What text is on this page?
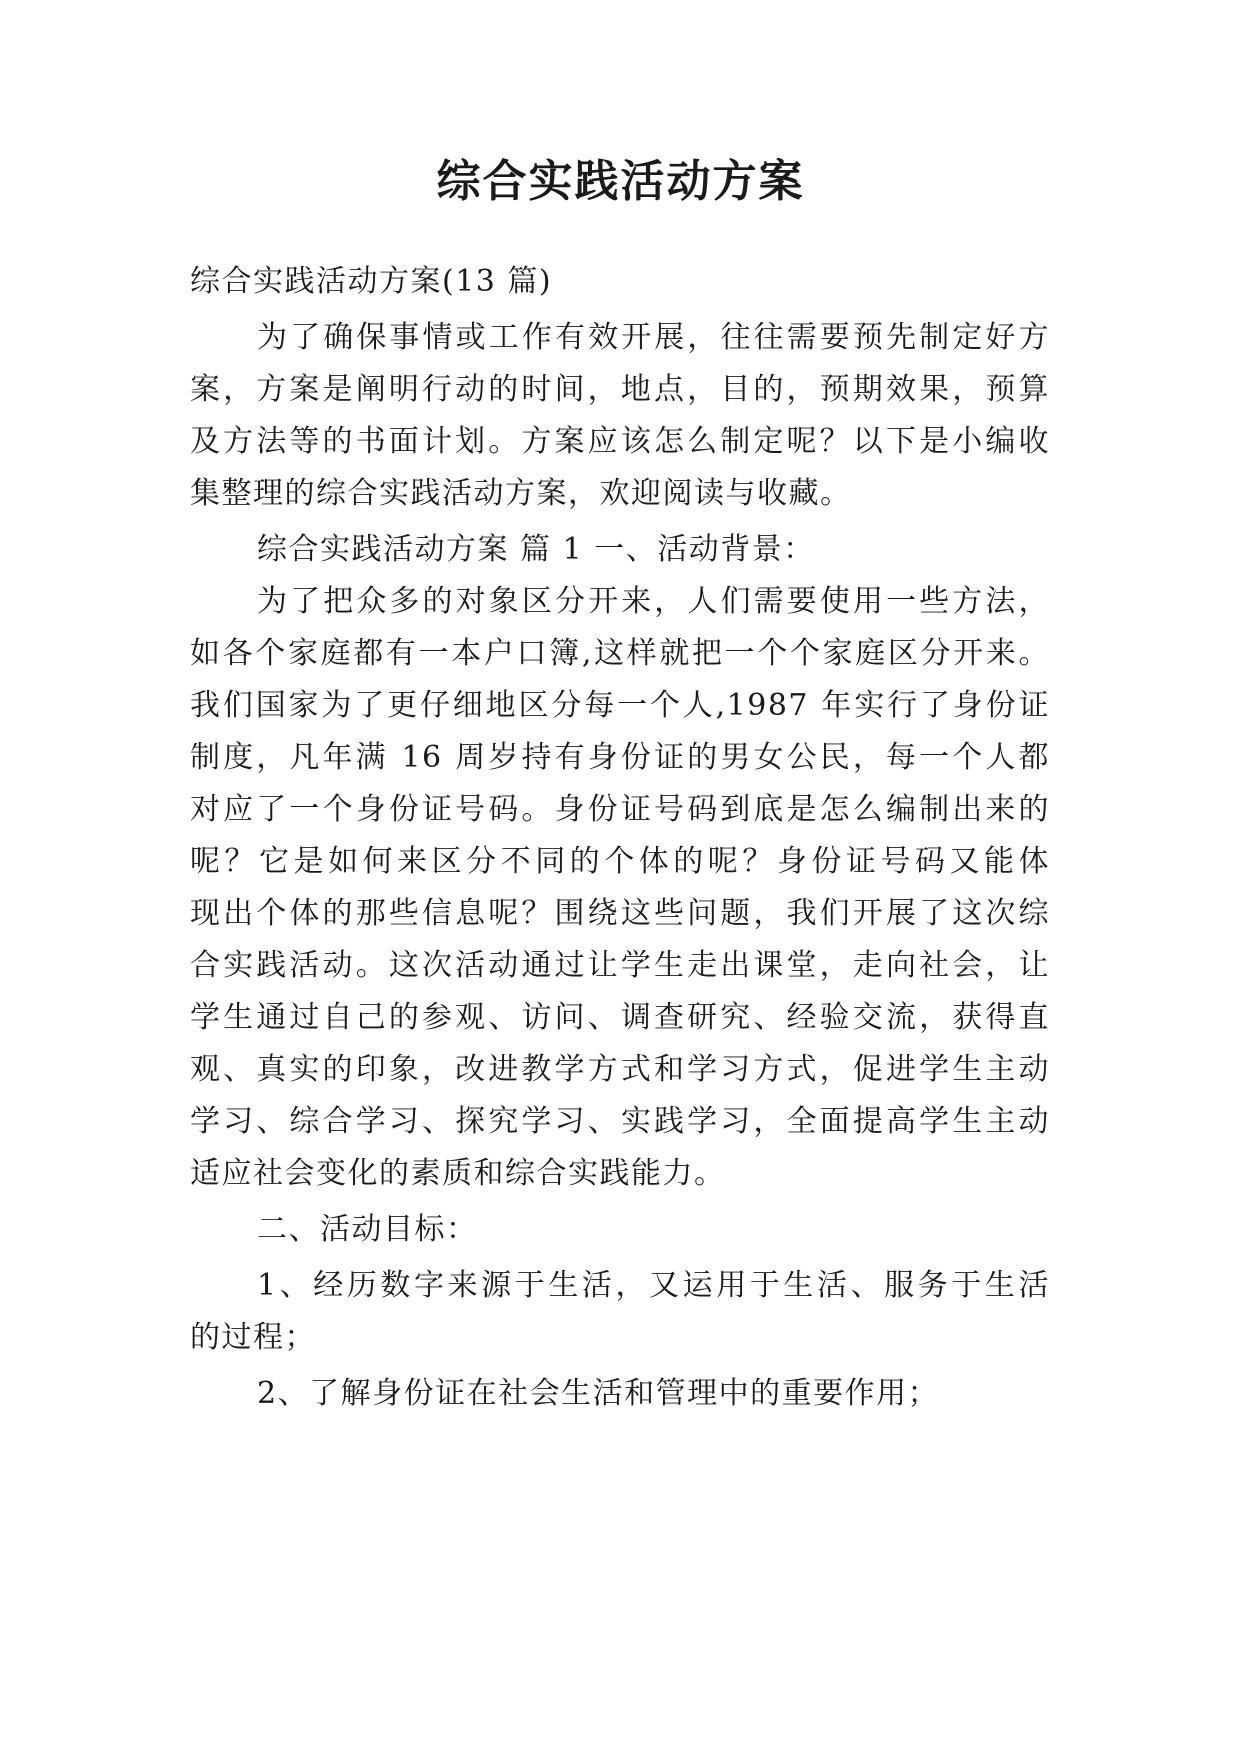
综合实践活动方案
综合实践活动方案(13 篇)
为了确保事情或工作有效开展，往往需要预先制定好方
案，方案是阐明行动的时间，地点，目的，预期效果，预算
及方法等的书面计划。方案应该怎么制定呢？以下是小编收
集整理的综合实践活动方案，欢迎阅读与收藏。
综合实践活动方案 篇 1 一、活动背景：
为了把众多的对象区分开来，人们需要使用一些方法，
如各个家庭都有一本户口簿,这样就把一个个家庭区分开来。
我们国家为了更仔细地区分每一个人,1987 年实行了身份证
制度，凡年满 16 周岁持有身份证的男女公民，每一个人都
对应了一个身份证号码。身份证号码到底是怎么编制出来的
呢？它是如何来区分不同的个体的呢？身份证号码又能体
现出个体的那些信息呢？围绕这些问题，我们开展了这次综
合实践活动。这次活动通过让学生走出课堂，走向社会，让
学生通过自己的参观、访问、调查研究、经验交流，获得直
观、真实的印象，改进教学方式和学习方式，促进学生主动
学习、综合学习、探究学习、实践学习，全面提高学生主动
适应社会变化的素质和综合实践能力。
二、活动目标：
1、经历数字来源于生活，又运用于生活、服务于生活
的过程；
2、了解身份证在社会生活和管理中的重要作用；
